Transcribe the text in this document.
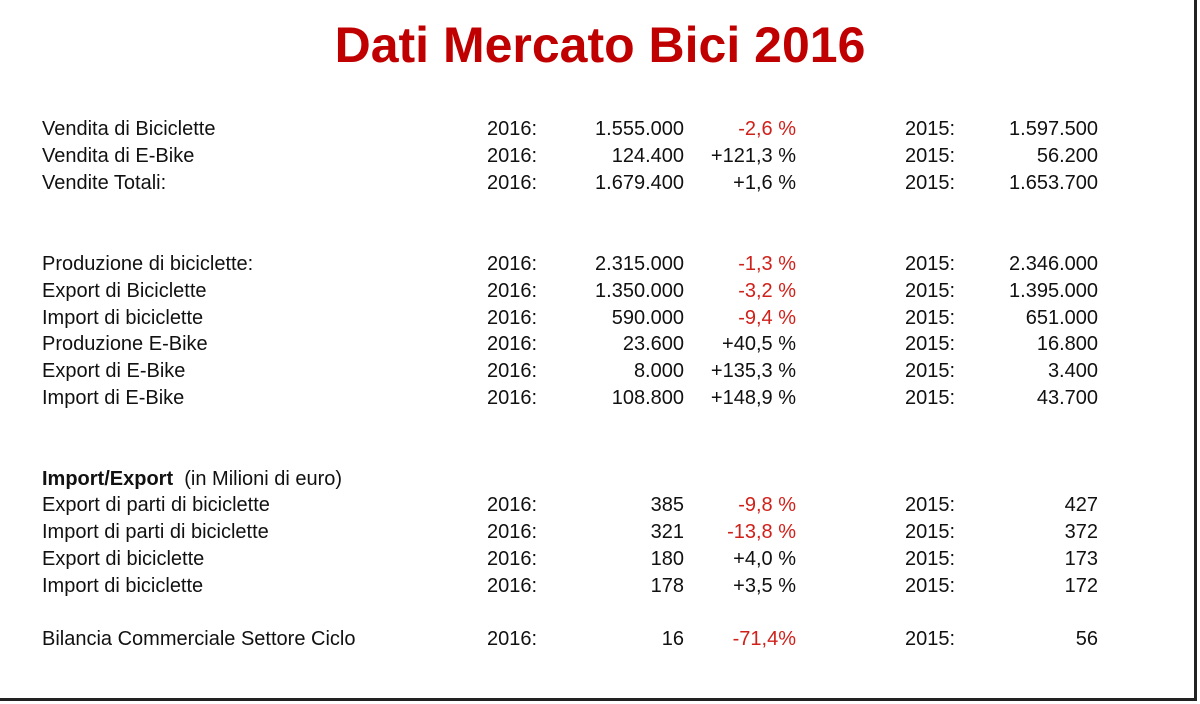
Dati Mercato Bici 2016
Vendita di Biciclette	2016:	1.555.000	-2,6 %	2015:	1.597.500
Vendita di E-Bike	2016:	124.400 +121,3 %	2015:	56.200
Vendite Totali:	2016:	1.679.400 +1,6 %	2015:	1.653.700
Produzione di biciclette:	2016:	2.315.000	-1,3 %	2015:	2.346.000
Export di Biciclette	2016:	1.350.000	-3,2 %	2015:	1.395.000
Import di biciclette	2016:	590.000	-9,4 %	2015:	651.000
Produzione E-Bike	2016:	23.600 +40,5 %	2015:	16.800
Export di E-Bike	2016:	8.000 +135,3 %	2015:	3.400
Import di E-Bike	2016:	108.800 +148,9 %	2015:	43.700
Import/Export (in Milioni di euro)
Export di parti di biciclette	2016:	385	-9,8 %	2015:	427
Import di parti di biciclette	2016:	321 -13,8 %	2015:	372
Export di biciclette	2016:	180 +4,0 %	2015:	173
Import di biciclette	2016:	178 +3,5 %	2015:	172
Bilancia Commerciale Settore Ciclo	2016:	16 -71,4%	2015:	56
